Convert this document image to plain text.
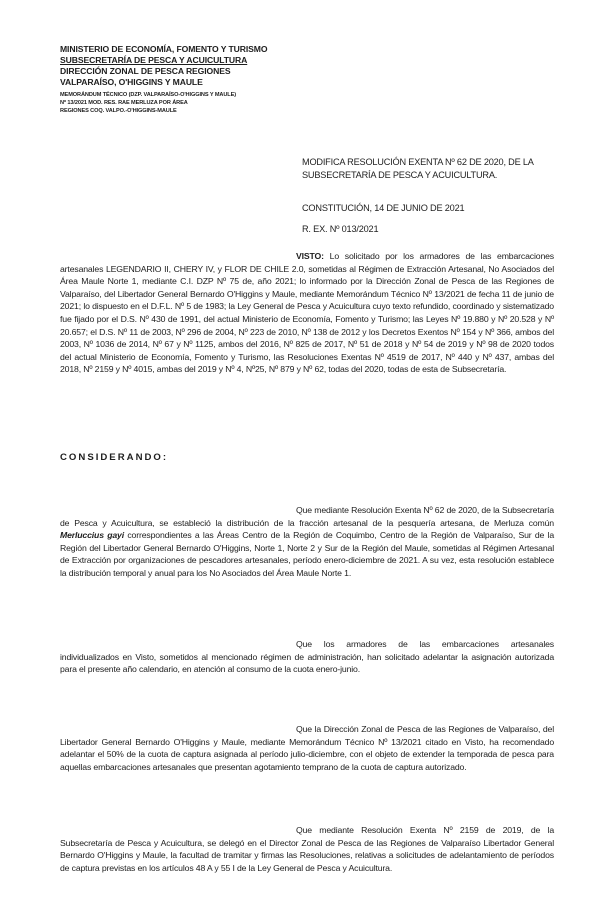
MINISTERIO DE ECONOMÍA, FOMENTO Y TURISMO
SUBSECRETARÍA DE PESCA Y ACUICULTURA
DIRECCIÓN ZONAL DE PESCA REGIONES
VALPARAÍSO, O'HIGGINS Y MAULE
MEMORÁNDUM TÉCNICO (DZP. VALPARAÍSO-O'HIGGINS Y MAULE)
Nº 13/2021 MOD. RES. RAE MERLUZA POR ÁREA
REGIONES COQ. VALPO.-O'HIGGINS-MAULE
MODIFICA RESOLUCIÓN EXENTA Nº 62 DE 2020, DE LA SUBSECRETARÍA DE PESCA Y ACUICULTURA.
CONSTITUCIÓN, 14 DE JUNIO DE 2021
R. EX. Nº 013/2021
VISTO: Lo solicitado por los armadores de las embarcaciones artesanales LEGENDARIO II, CHERY IV, y FLOR DE CHILE 2.0, sometidas al Régimen de Extracción Artesanal, No Asociados del Área Maule Norte 1, mediante C.I. DZP Nº 75 de, año 2021; lo informado por la Dirección Zonal de Pesca de las Regiones de Valparaíso, del Libertador General Bernardo O'Higgins y Maule, mediante Memorándum Técnico Nº 13/2021 de fecha 11 de junio de 2021; lo dispuesto en el D.F.L. Nº 5 de 1983; la Ley General de Pesca y Acuicultura cuyo texto refundido, coordinado y sistematizado fue fijado por el D.S. Nº 430 de 1991, del actual Ministerio de Economía, Fomento y Turismo; las Leyes Nº 19.880 y Nº 20.528 y Nº 20.657; el D.S. Nº 11 de 2003, Nº 296 de 2004, Nº 223 de 2010, Nº 138 de 2012 y los Decretos Exentos Nº 154 y Nº 366, ambos del 2003, Nº 1036 de 2014, Nº 67 y Nº 1125, ambos del 2016, Nº 825 de 2017, Nº 51 de 2018 y Nº 54 de 2019 y Nº 98 de 2020 todos del actual Ministerio de Economía, Fomento y Turismo, las Resoluciones Exentas Nº 4519 de 2017, Nº 440 y Nº 437, ambas del 2018, Nº 2159 y Nº 4015, ambas del 2019 y Nº 4, Nº25, Nº 879 y Nº 62, todas del 2020, todas de esta de Subsecretaría.
CONSIDERANDO:
Que mediante Resolución Exenta Nº 62 de 2020, de la Subsecretaría de Pesca y Acuicultura, se estableció la distribución de la fracción artesanal de la pesquería artesana, de Merluza común Merluccius gayi correspondientes a las Áreas Centro de la Región de Coquimbo, Centro de la Región de Valparaíso, Sur de la Región del Libertador General Bernardo O'Higgins, Norte 1, Norte 2 y Sur de la Región del Maule, sometidas al Régimen Artesanal de Extracción por organizaciones de pescadores artesanales, período enero-diciembre de 2021. A su vez, esta resolución establece la distribución temporal y anual para los No Asociados del Área Maule Norte 1.
Que los armadores de las embarcaciones artesanales individualizados en Visto, sometidos al mencionado régimen de administración, han solicitado adelantar la asignación autorizada para el presente año calendario, en atención al consumo de la cuota enero-junio.
Que la Dirección Zonal de Pesca de las Regiones de Valparaíso, del Libertador General Bernardo O'Higgins y Maule, mediante Memorándum Técnico Nº 13/2021 citado en Visto, ha recomendado adelantar el 50% de la cuota de captura asignada al período julio-diciembre, con el objeto de extender la temporada de pesca para aquellas embarcaciones artesanales que presentan agotamiento temprano de la cuota de captura autorizado.
Que mediante Resolución Exenta Nº 2159 de 2019, de la Subsecretaría de Pesca y Acuicultura, se delegó en el Director Zonal de Pesca de las Regiones de Valparaíso Libertador General Bernardo O'Higgins y Maule, la facultad de tramitar y firmas las Resoluciones, relativas a solicitudes de adelantamiento de períodos de captura previstas en los artículos 48 A y 55 I de la Ley General de Pesca y Acuicultura.
